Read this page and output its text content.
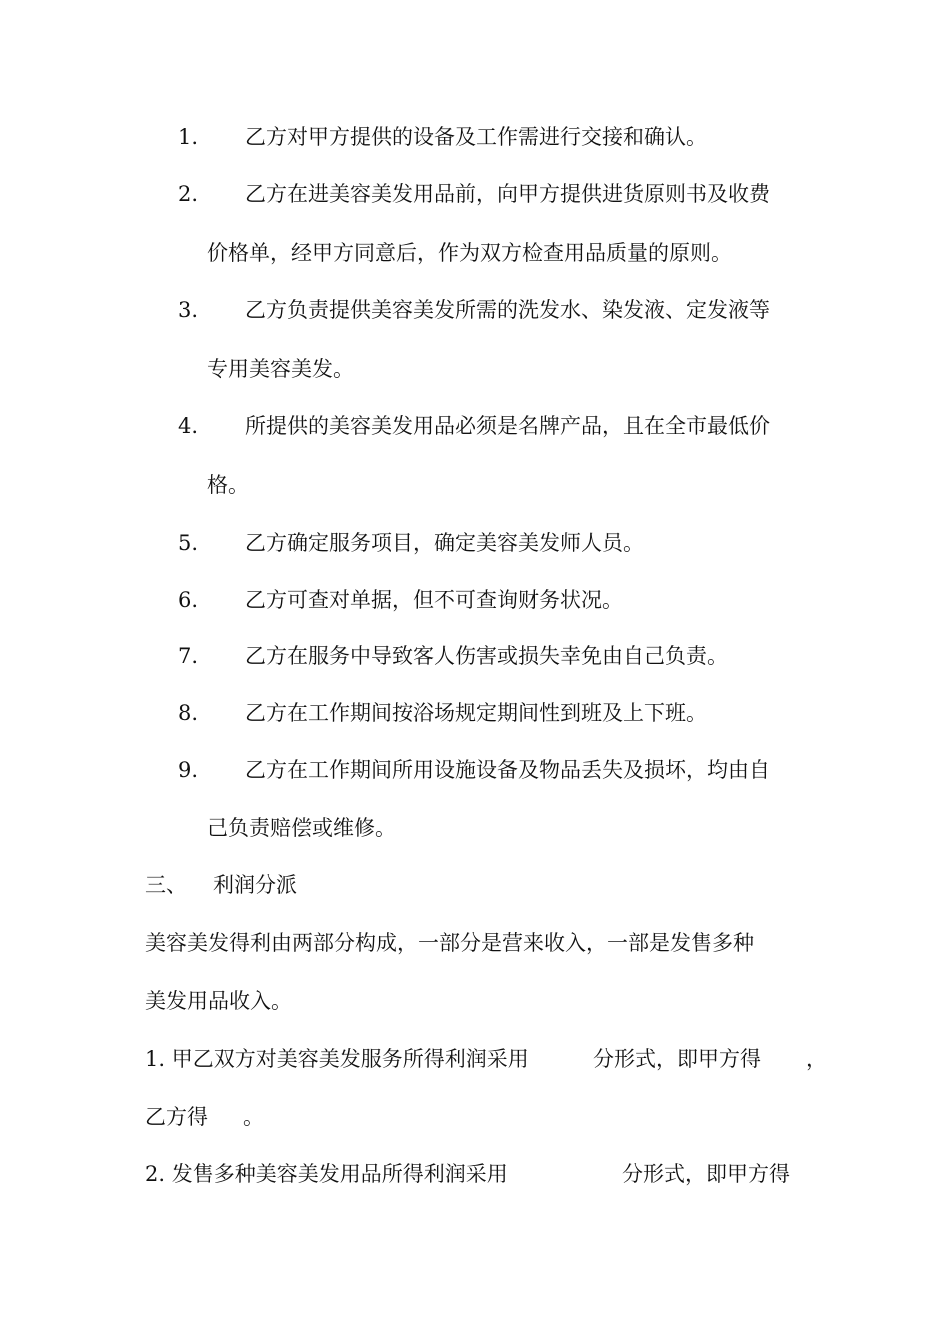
1. 乙方对甲方提供的设备及工作需进行交接和确认。
2. 乙方在进美容美发用品前，向甲方提供进货原则书及收费
价格单，经甲方同意后，作为双方检查用品质量的原则。
3. 乙方负责提供美容美发所需的洗发水、染发液、定发液等
专用美容美发。
4. 所提供的美容美发用品必须是名牌产品，且在全市最低价
格。
5. 乙方确定服务项目，确定美容美发师人员。
6. 乙方可查对单据，但不可查询财务状况。
7. 乙方在服务中导致客人伤害或损失幸免由自己负责。
8. 乙方在工作期间按浴场规定期间性到班及上下班。
9. 乙方在工作期间所用设施设备及物品丢失及损坏，均由自
己负责赔偿或维修。
三、 利润分派
美容美发得利由两部分构成，一部分是营来收入，一部是发售多种
美发用品收入。
1. 甲乙双方对美容美发服务所得利润采用	分形式，即甲方得 ，
乙方得 。
2. 发售多种美容美发用品所得利润采用	分形式，即甲方得
